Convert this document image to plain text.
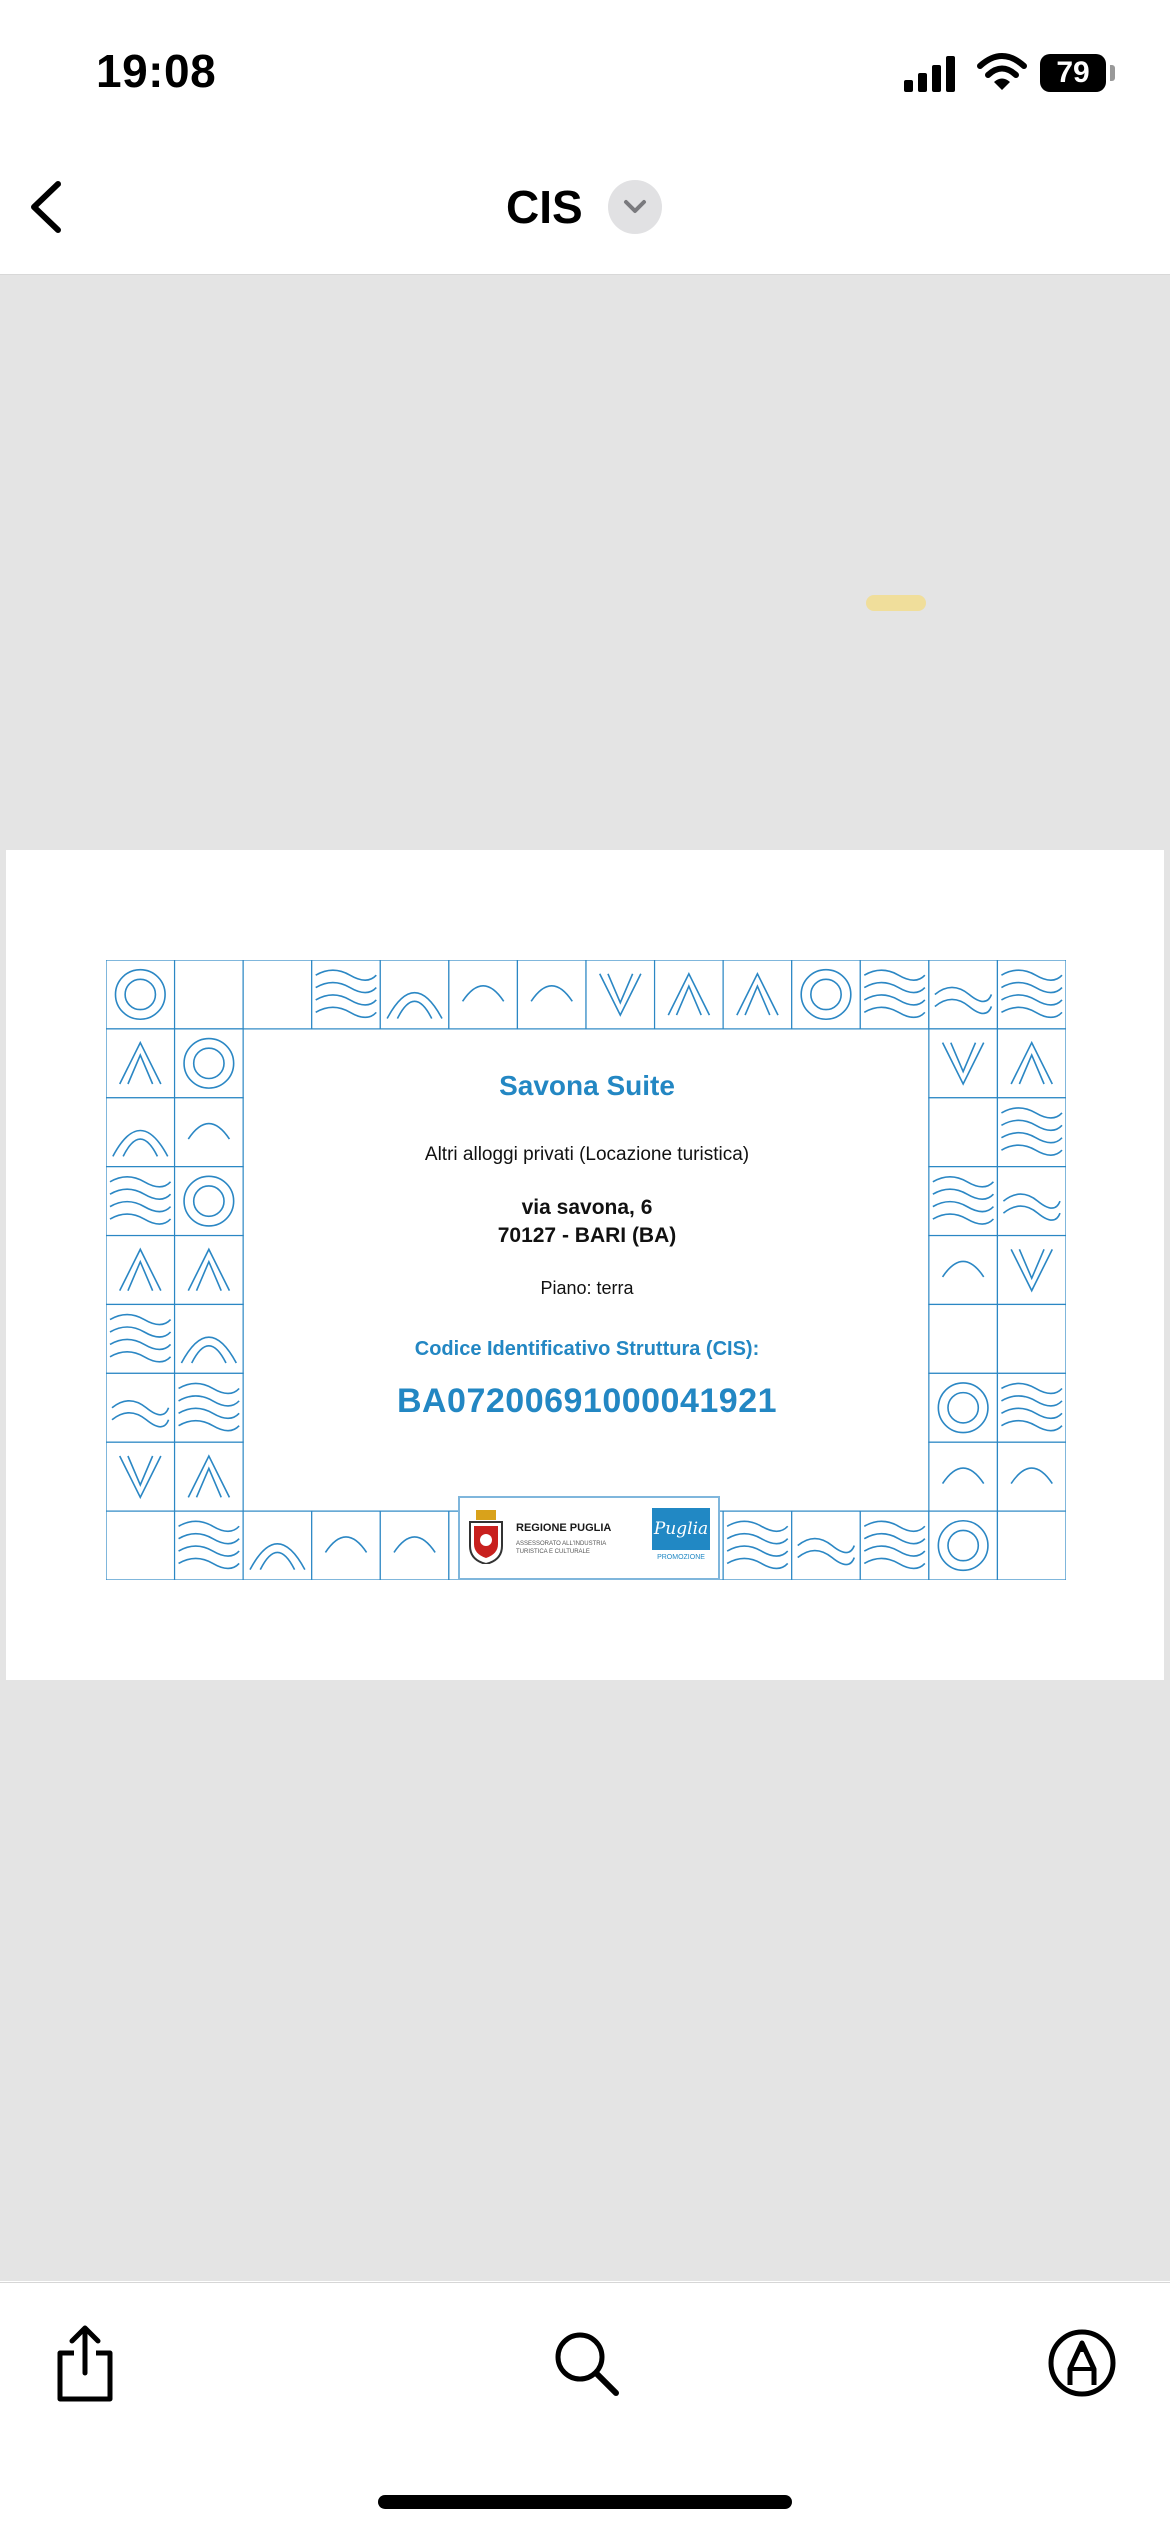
19:08	79
CIS
Savona Suite
Altri alloggi privati (Locazione turistica)
via savona, 6
70127 - BARI (BA)
Piano: terra
Codice Identificativo Struttura (CIS):
BA07200691000041921
REGIONE PUGLIA
ASSESSORATO ALL'INDUSTRIA TURISTICA E CULTURALE
Puglia
PROMOZIONE
